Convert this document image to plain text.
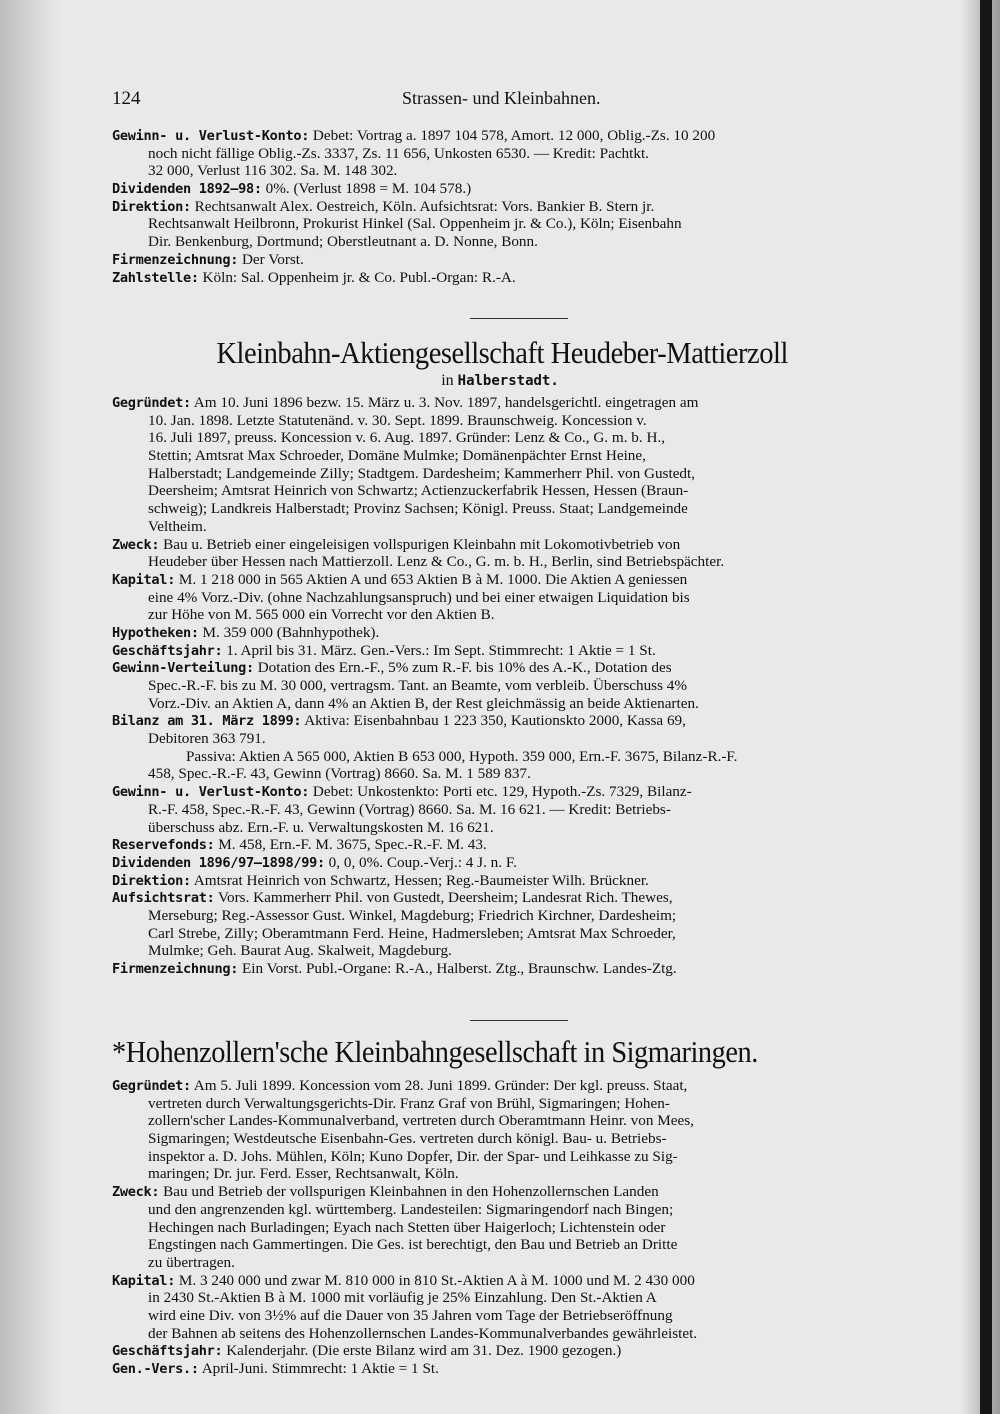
124	Strassen- und Kleinbahnen.
Gewinn- u. Verlust-Konto: Debet: Vortrag a. 1897 104 578, Amort. 12 000, Oblig.-Zs. 10 200
noch nicht fällige Oblig.-Zs. 3337, Zs. 11 656, Unkosten 6530. — Kredit: Pachtkt.
32 000, Verlust 116 302. Sa. M. 148 302.
Dividenden 1892—98: 0%. (Verlust 1898 = M. 104 578.)
Direktion: Rechtsanwalt Alex. Oestreich, Köln. Aufsichtsrat: Vors. Bankier B. Stern jr.
Rechtsanwalt Heilbronn, Prokurist Hinkel (Sal. Oppenheim jr. & Co.), Köln; Eisenbahn
Dir. Benkenburg, Dortmund; Oberstleutnant a. D. Nonne, Bonn.
Firmenzeichnung: Der Vorst.
Zahlstelle: Köln: Sal. Oppenheim jr. & Co. Publ.-Organ: R.-A.
Kleinbahn-Aktiengesellschaft Heudeber-Mattierzoll
in Halberstadt.
Gegründet: Am 10. Juni 1896 bezw. 15. März u. 3. Nov. 1897, handelsgerichtl. eingetragen am
10. Jan. 1898. Letzte Statutenänd. v. 30. Sept. 1899. Braunschweig. Koncession v.
16. Juli 1897, preuss. Koncession v. 6. Aug. 1897. Gründer: Lenz & Co., G. m. b. H.,
Stettin; Amtsrat Max Schroeder, Domäne Mulmke; Domänenpächter Ernst Heine,
Halberstadt; Landgemeinde Zilly; Stadtgem. Dardesheim; Kammerherr Phil. von Gustedt,
Deersheim; Amtsrat Heinrich von Schwartz; Actienzuckerfabrik Hessen, Hessen (Braun-
schweig); Landkreis Halberstadt; Provinz Sachsen; Königl. Preuss. Staat; Landgemeinde
Veltheim.
Zweck: Bau u. Betrieb einer eingeleisigen vollspurigen Kleinbahn mit Lokomotivbetrieb von
Heudeber über Hessen nach Mattierzoll. Lenz & Co., G. m. b. H., Berlin, sind Betriebspächter.
Kapital: M. 1 218 000 in 565 Aktien A und 653 Aktien B à M. 1000. Die Aktien A geniessen
eine 4% Vorz.-Div. (ohne Nachzahlungsanspruch) und bei einer etwaigen Liquidation bis
zur Höhe von M. 565 000 ein Vorrecht vor den Aktien B.
Hypotheken: M. 359 000 (Bahnhypothek).
Geschäftsjahr: 1. April bis 31. März. Gen.-Vers.: Im Sept. Stimmrecht: 1 Aktie = 1 St.
Gewinn-Verteilung: Dotation des Ern.-F., 5% zum R.-F. bis 10% des A.-K., Dotation des
Spec.-R.-F. bis zu M. 30 000, vertragsm. Tant. an Beamte, vom verbleib. Überschuss 4%
Vorz.-Div. an Aktien A, dann 4% an Aktien B, der Rest gleichmässig an beide Aktienarten.
Bilanz am 31. März 1899: Aktiva: Eisenbahnbau 1 223 350, Kautionskto 2000, Kassa 69,
Debitoren 363 791.
Passiva: Aktien A 565 000, Aktien B 653 000, Hypoth. 359 000, Ern.-F. 3675, Bilanz-R.-F.
458, Spec.-R.-F. 43, Gewinn (Vortrag) 8660. Sa. M. 1 589 837.
Gewinn- u. Verlust-Konto: Debet: Unkostenkto: Porti etc. 129, Hypoth.-Zs. 7329, Bilanz-
R.-F. 458, Spec.-R.-F. 43, Gewinn (Vortrag) 8660. Sa. M. 16 621. — Kredit: Betriebs-
überschuss abz. Ern.-F. u. Verwaltungskosten M. 16 621.
Reservefonds: M. 458, Ern.-F. M. 3675, Spec.-R.-F. M. 43.
Dividenden 1896/97—1898/99: 0, 0, 0%. Coup.-Verj.: 4 J. n. F.
Direktion: Amtsrat Heinrich von Schwartz, Hessen; Reg.-Baumeister Wilh. Brückner.
Aufsichtsrat: Vors. Kammerherr Phil. von Gustedt, Deersheim; Landesrat Rich. Thewes,
Merseburg; Reg.-Assessor Gust. Winkel, Magdeburg; Friedrich Kirchner, Dardesheim;
Carl Strebe, Zilly; Oberamtmann Ferd. Heine, Hadmersleben; Amtsrat Max Schroeder,
Mulmke; Geh. Baurat Aug. Skalweit, Magdeburg.
Firmenzeichnung: Ein Vorst. Publ.-Organe: R.-A., Halberst. Ztg., Braunschw. Landes-Ztg.
*Hohenzollern'sche Kleinbahngesellschaft in Sigmaringen.
Gegründet: Am 5. Juli 1899. Koncession vom 28. Juni 1899. Gründer: Der kgl. preuss. Staat,
vertreten durch Verwaltungsgerichts-Dir. Franz Graf von Brühl, Sigmaringen; Hohen-
zollern'scher Landes-Kommunalverband, vertreten durch Oberamtmann Heinr. von Mees,
Sigmaringen; Westdeutsche Eisenbahn-Ges. vertreten durch königl. Bau- u. Betriebs-
inspektor a. D. Johs. Mühlen, Köln; Kuno Dopfer, Dir. der Spar- und Leihkasse zu Sig-
maringen; Dr. jur. Ferd. Esser, Rechtsanwalt, Köln.
Zweck: Bau und Betrieb der vollspurigen Kleinbahnen in den Hohenzollernschen Landen
und den angrenzenden kgl. württemberg. Landesteilen: Sigmaringendorf nach Bingen;
Hechingen nach Burladingen; Eyach nach Stetten über Haigerloch; Lichtenstein oder
Engstingen nach Gammertingen. Die Ges. ist berechtigt, den Bau und Betrieb an Dritte
zu übertragen.
Kapital: M. 3 240 000 und zwar M. 810 000 in 810 St.-Aktien A à M. 1000 und M. 2 430 000
in 2430 St.-Aktien B à M. 1000 mit vorläufig je 25% Einzahlung. Den St.-Aktien A
wird eine Div. von 3½% auf die Dauer von 35 Jahren vom Tage der Betriebseröffnung
der Bahnen ab seitens des Hohenzollernschen Landes-Kommunalverbandes gewährleistet.
Geschäftsjahr: Kalenderjahr. (Die erste Bilanz wird am 31. Dez. 1900 gezogen.)
Gen.-Vers.: April-Juni. Stimmrecht: 1 Aktie = 1 St.
